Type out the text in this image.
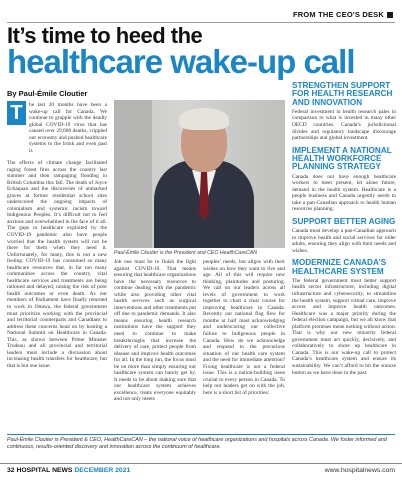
FROM THE CEO'S DESK
It’s time to heed the
healthcare wake-up call
By Paul-Émile Cloutier
T	he last 20 months have been a wake-up call for Canada. We continue to grapple with the deadly global COVID-19 virus that has caused over 29,000 deaths, crippled our economy and pushed healthcare systems to the brink and even past it.

The effects of climate change facilitated raging forest fires across the country last summer and then rampaging flooding in British Columbia this fall. The death of Joyce Echaquan and the discoveries of unmarked graves at former residential school sites underscored the ongoing impacts of colonialism and systemic racism toward Indigenous Peoples. It’s difficult not to feel anxious and overwhelmed in the face of it all. The gaps in healthcare exploited by the COVID-19 pandemic also have people worried that the health system will not be there for them when they need it. Unfortunately, for many, this is not a new feeling. COVID-19 has consumed so many healthcare resources that, in far too many communities across the country, vital healthcare services and treatments are being rationed and delayed, raising the risk of poor health outcomes or even death. As our members of Parliament have finally returned to work in Ottawa, the federal government must prioritize working with the provincial and territorial counterparts and Canadians to address these concerns head on by hosting a National Summit on Healthcare in Canada. This, as shown between Prime Minister Trudeau and all provincial and territorial leaders must include a discussion about increasing health transfers for healthcare, but that is but one issue.

Paul-Émile Cloutier is the President and CEO HealthCareCAN

Job one must be to finish the fight against COVID-19. That means ensuring that healthcare organizations have the necessary resources to continue dealing with the pandemic while also providing other vital health services such as surgical interventions and other treatments put off due to pandemic demands. It also means ensuring health research institutions have the support they need to continue to make breakthroughs that increase the delivery of care, protect people from disease and improve health outcomes for all. In the long run, the focus must be on more than simply ensuring our healthcare system can barely get by. It needs to be about making sure that our healthcare system achieves excellence, treats everyone equitably and not only meets

peoples’ needs, but aligns with their wishes on how they want to live and age. All of this will require new thinking, plaintudes and posturing. We call on our leaders across all levels of government to work together to chart a clear course for improving healthcare in Canada. Recently our national flag flew for months at half mast acknowledging and underscoring our collective failure to Indigenous people in Canada. How do we acknowledge and respond to the precarious situation of our health care system and the need for immediate attention? Fixing healthcare is not a federal issue. This is a nation-building issue crucial to every person in Canada. To help our leaders get on with the job, here is a short list of priorities:

STRENGTHEN SUPPORT FOR HEALTH RESEARCH AND INNOVATION

Federal investment in health research pales in comparison to what is invested in many other OECD countries. Canada’s jurisdictional divides and regulatory landscape discourage partnerships and global investment.

IMPLEMENT A NATIONAL HEALTH WORKFORCE PLANNING STRATEGY

Canada does not have enough healthcare workers to meet present, let alone future, demand in the health system. Healthcare is a people business and Canada urgently needs to take a pan-Canadian approach to health human resources planning.

SUPPORT BETTER AGING

Canada must develop a pan-Canadian approach to improve health and social services for older adults, ensuring they align with their needs and wishes.

MODERNIZE CANADA’S HEALTHCARE SYSTEM

The federal government must better support health sector infrastructure, including digital infrastructure and cybersecurity, to streamline the health system, support virtual care, improve access and improve health outcomes. Healthcare was a major priority during the federal election campaign, but we all know that platform promises mean nothing without action. That is why our new minority federal government must act quickly, decisively, and collaboratively to shore up healthcare in Canada. This is our wake-up call to protect Canada’s healthcare system and ensure its sustainability. We can’t afford to hit the snooze button as we have done in the past.

Paul-Émile Cloutier is President & CEO, HealthCareCAN – the national voice of healthcare organizations and hospitals across Canada. We foster informed and continuous, results-oriented discovery and innovation across the continuum of healthcare.

32 HOSPITAL NEWS DECEMBER 2021	www.hospitalnews.com
